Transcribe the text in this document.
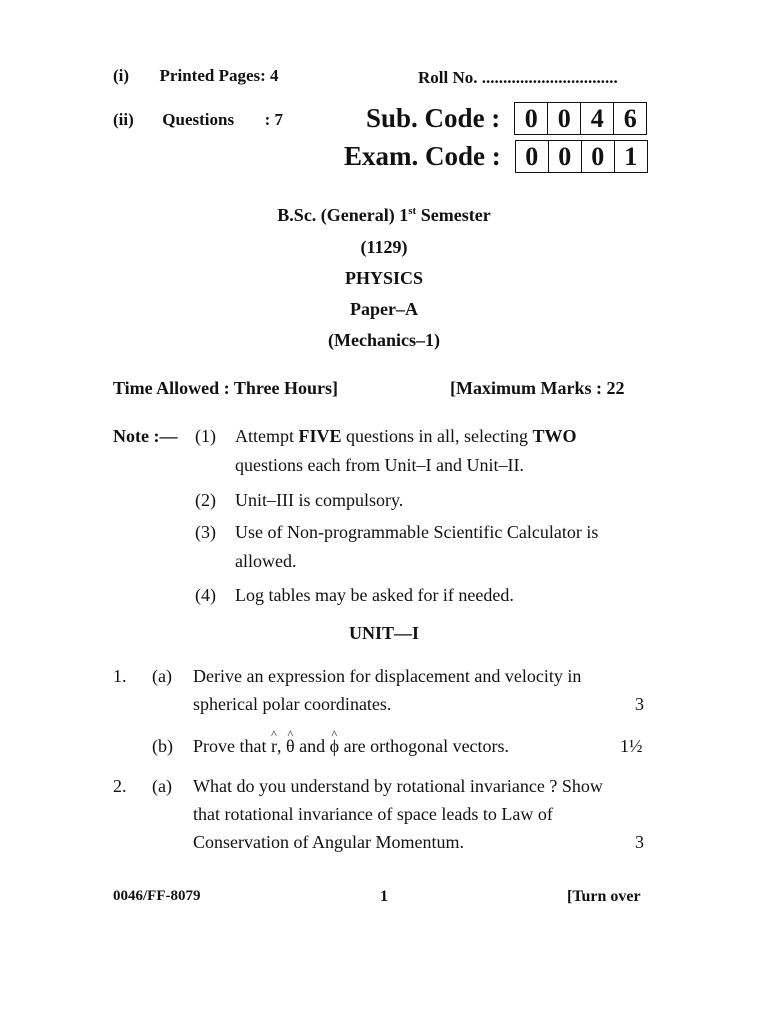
(i) Printed Pages: 4	Roll No. ................................
(ii) Questions : 7	Sub. Code : 0 0 4 6
Exam. Code : 0 0 0 1
B.Sc. (General) 1st Semester
(1129)
PHYSICS
Paper–A
(Mechanics–1)
Time Allowed : Three Hours]	[Maximum Marks : 22
Note :— (1) Attempt FIVE questions in all, selecting TWO
questions each from Unit–I and Unit–II.
(2) Unit–III is compulsory.
(3) Use of Non-programmable Scientific Calculator is
allowed.
(4) Log tables may be asked for if needed.
UNIT—I
1. (a) Derive an expression for displacement and velocity in
spherical polar coordinates.	3
(b) Prove that ^ r, ^ θ and ^ ϕ are orthogonal vectors.	1½
2. (a) What do you understand by rotational invariance ? Show
that rotational invariance of space leads to Law of
Conservation of Angular Momentum.	3
0046/FF-8079	1	[Turn over
